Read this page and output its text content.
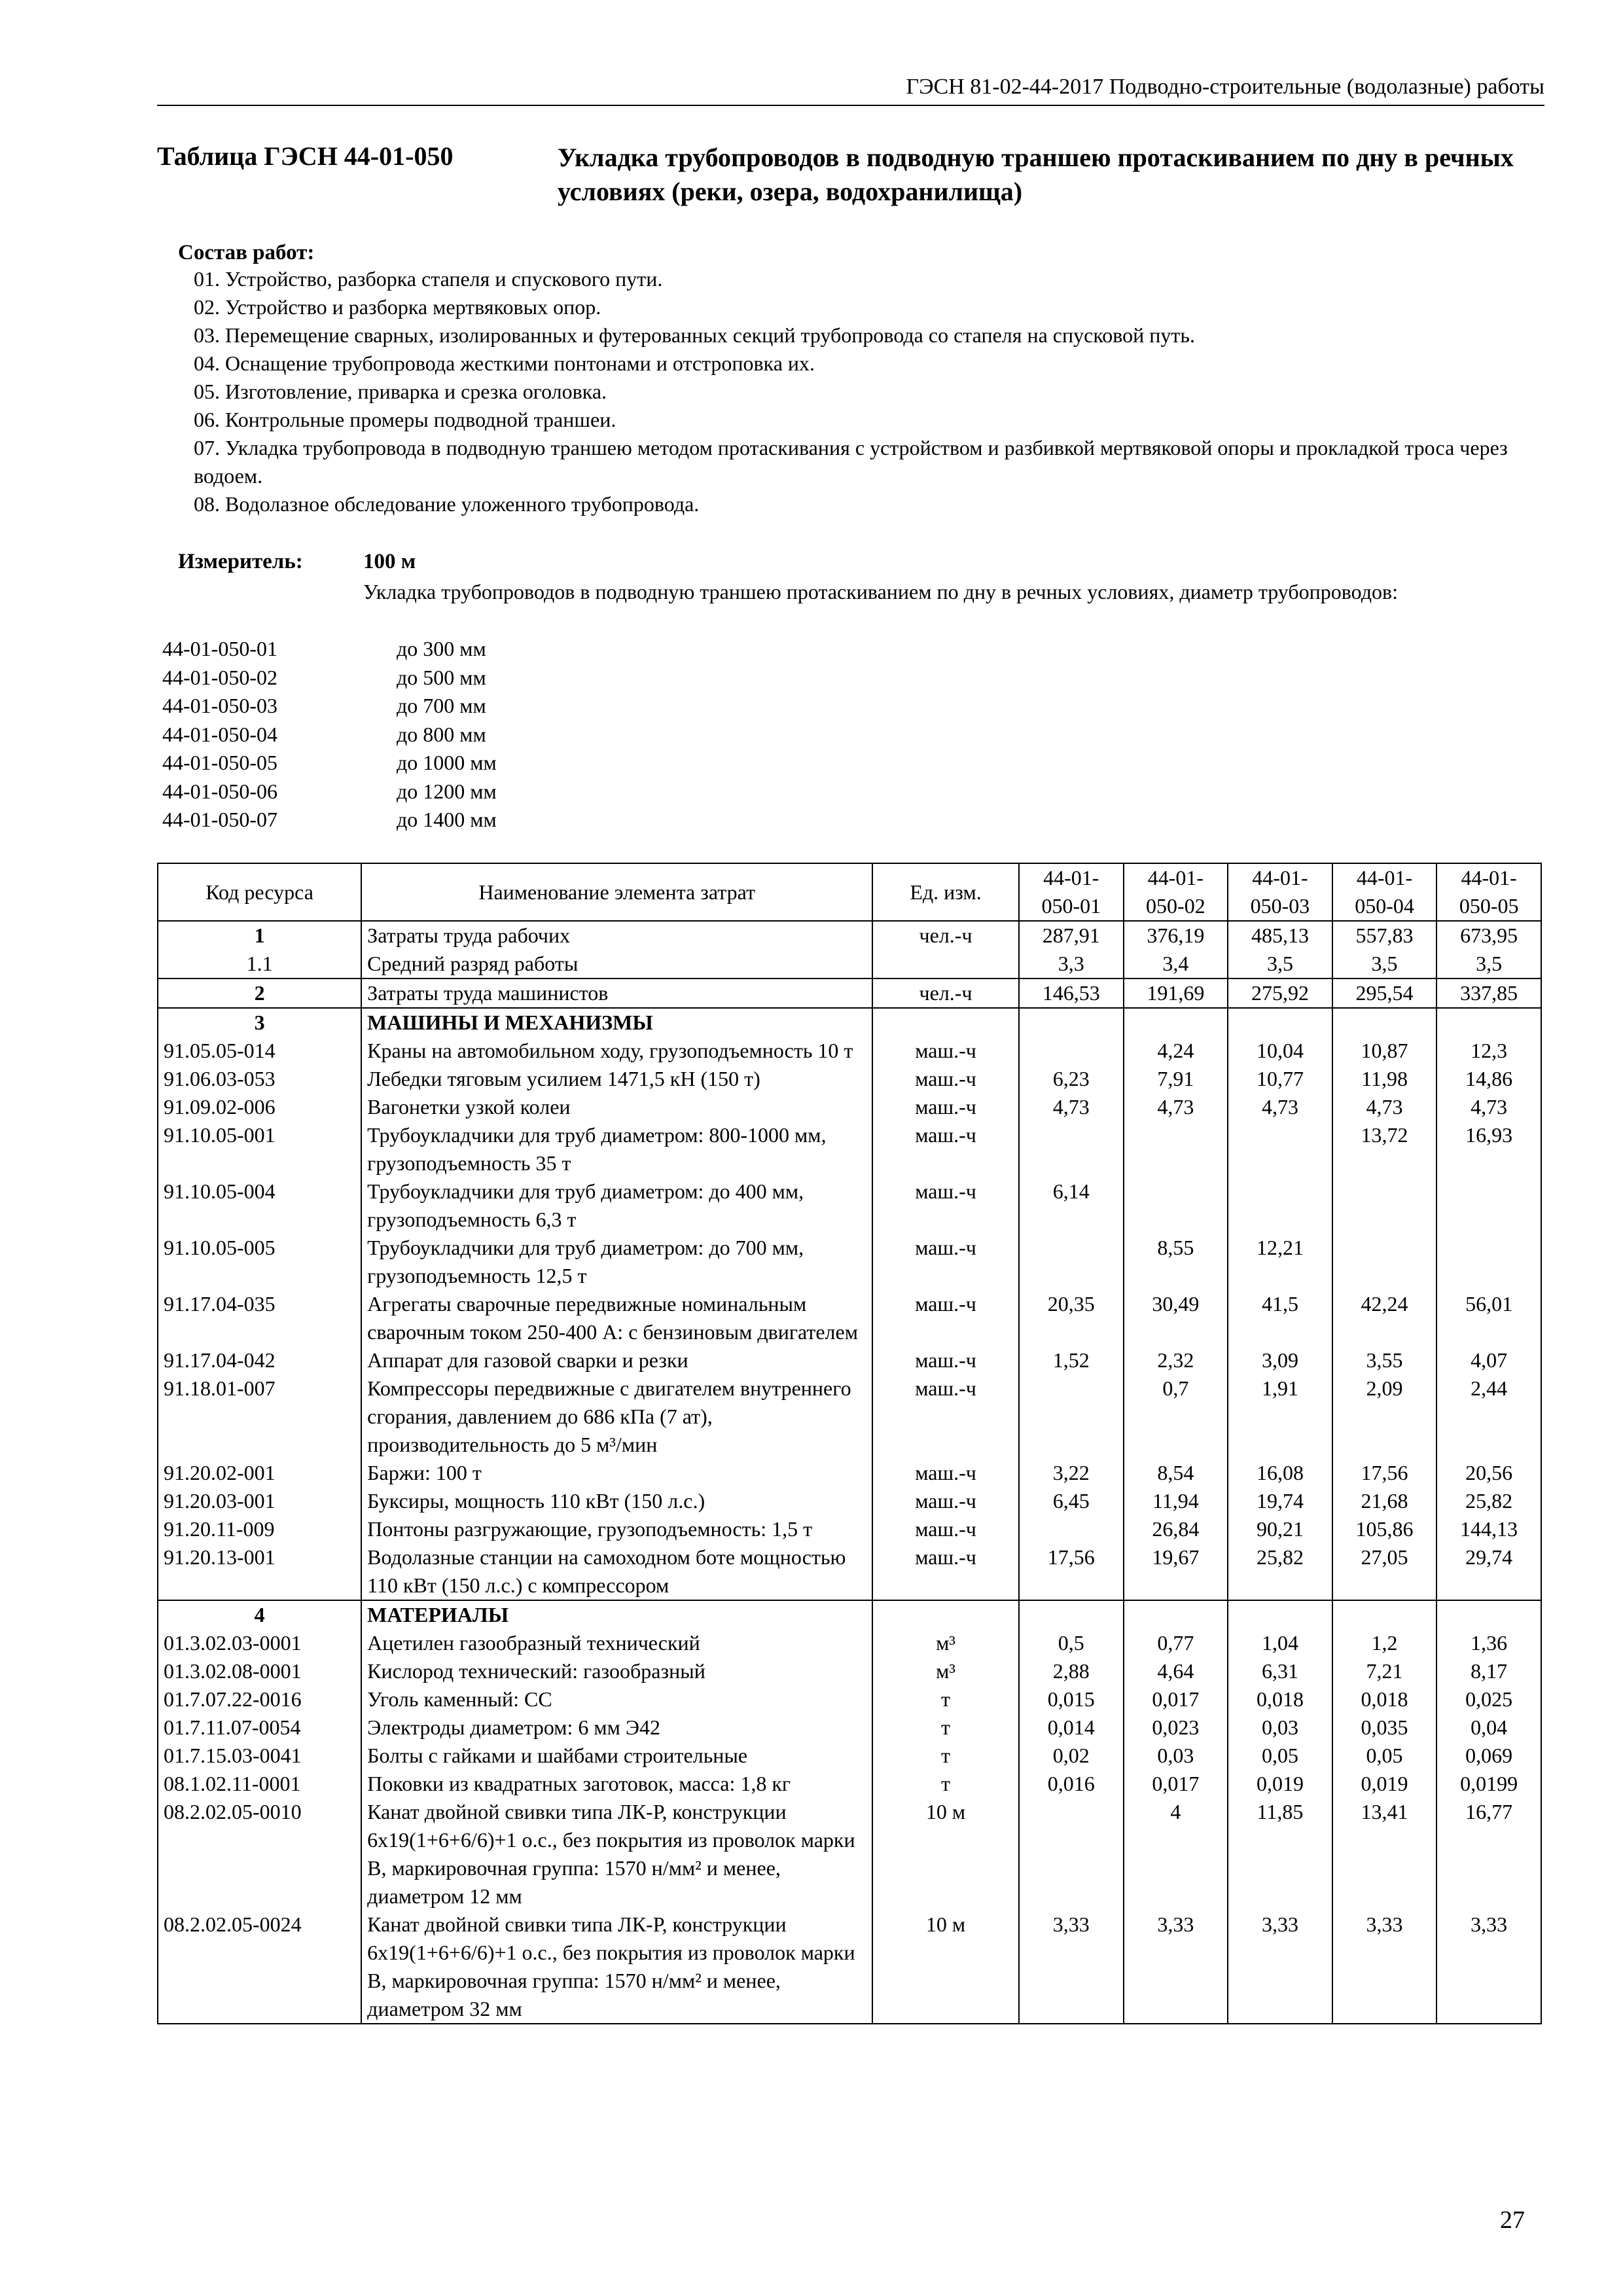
ГЭСН 81-02-44-2017 Подводно-строительные (водолазные) работы
Таблица ГЭСН 44-01-050	Укладка трубопроводов в подводную траншею протаскиванием по дну в речных условиях (реки, озера, водохранилища)
Состав работ:
01. Устройство, разборка стапеля и спускового пути.
02. Устройство и разборка мертвяковых опор.
03. Перемещение сварных, изолированных и футерованных секций трубопровода со стапеля на спусковой путь.
04. Оснащение трубопровода жесткими понтонами и отстроповка их.
05. Изготовление, приварка и срезка оголовка.
06. Контрольные промеры подводной траншеи.
07. Укладка трубопровода в подводную траншею методом протаскивания с устройством и разбивкой мертвяковой опоры и прокладкой троса через водоем.
08. Водолазное обследование уложенного трубопровода.
Измеритель:	100 м
Укладка трубопроводов в подводную траншею протаскиванием по дну в речных условиях, диаметр трубопроводов:
44-01-050-01	до 300 мм
44-01-050-02	до 500 мм
44-01-050-03	до 700 мм
44-01-050-04	до 800 мм
44-01-050-05	до 1000 мм
44-01-050-06	до 1200 мм
44-01-050-07	до 1400 мм
Код ресурса	Наименование элемента затрат	Ед. изм.	44-01-050-01	44-01-050-02	44-01-050-03	44-01-050-04	44-01-050-05
1	Затраты труда рабочих	чел.-ч	287,91	376,19	485,13	557,83	673,95
1.1	Средний разряд работы		3,3	3,4	3,5	3,5	3,5
2	Затраты труда машинистов	чел.-ч	146,53	191,69	275,92	295,54	337,85
3	МАШИНЫ И МЕХАНИЗМЫ						
91.05.05-014	Краны на автомобильном ходу, грузоподъемность 10 т	маш.-ч		4,24	10,04	10,87	12,3
91.06.03-053	Лебедки тяговым усилием 1471,5 кН (150 т)	маш.-ч	6,23	7,91	10,77	11,98	14,86
91.09.02-006	Вагонетки узкой колеи	маш.-ч	4,73	4,73	4,73	4,73	4,73
91.10.05-001	Трубоукладчики для труб диаметром: 800-1000 мм, грузоподъемность 35 т	маш.-ч				13,72	16,93
91.10.05-004	Трубоукладчики для труб диаметром: до 400 мм, грузоподъемность 6,3 т	маш.-ч	6,14				
91.10.05-005	Трубоукладчики для труб диаметром: до 700 мм, грузоподъемность 12,5 т	маш.-ч		8,55	12,21		
91.17.04-035	Агрегаты сварочные передвижные номинальным сварочным током 250-400 А: с бензиновым двигателем	маш.-ч	20,35	30,49	41,5	42,24	56,01
91.17.04-042	Аппарат для газовой сварки и резки	маш.-ч	1,52	2,32	3,09	3,55	4,07
91.18.01-007	Компрессоры передвижные с двигателем внутреннего сгорания, давлением до 686 кПа (7 ат), производительность до 5 м³/мин	маш.-ч		0,7	1,91	2,09	2,44
91.20.02-001	Баржи: 100 т	маш.-ч	3,22	8,54	16,08	17,56	20,56
91.20.03-001	Буксиры, мощность 110 кВт (150 л.с.)	маш.-ч	6,45	11,94	19,74	21,68	25,82
91.20.11-009	Понтоны разгружающие, грузоподъемность: 1,5 т	маш.-ч		26,84	90,21	105,86	144,13
91.20.13-001	Водолазные станции на самоходном боте мощностью 110 кВт (150 л.с.) с компрессором	маш.-ч	17,56	19,67	25,82	27,05	29,74
4	МАТЕРИАЛЫ						
01.3.02.03-0001	Ацетилен газообразный технический	м³	0,5	0,77	1,04	1,2	1,36
01.3.02.08-0001	Кислород технический: газообразный	м³	2,88	4,64	6,31	7,21	8,17
01.7.07.22-0016	Уголь каменный: СС	т	0,015	0,017	0,018	0,018	0,025
01.7.11.07-0054	Электроды диаметром: 6 мм Э42	т	0,014	0,023	0,03	0,035	0,04
01.7.15.03-0041	Болты с гайками и шайбами строительные	т	0,02	0,03	0,05	0,05	0,069
08.1.02.11-0001	Поковки из квадратных заготовок, масса: 1,8 кг	т	0,016	0,017	0,019	0,019	0,0199
08.2.02.05-0010	Канат двойной свивки типа ЛК-Р, конструкции 6х19(1+6+6/6)+1 о.с., без покрытия из проволок марки В, маркировочная группа: 1570 н/мм² и менее, диаметром 12 мм	10 м		4	11,85	13,41	16,77
08.2.02.05-0024	Канат двойной свивки типа ЛК-Р, конструкции 6х19(1+6+6/6)+1 о.с., без покрытия из проволок марки В, маркировочная группа: 1570 н/мм² и менее, диаметром 32 мм	10 м	3,33	3,33	3,33	3,33	3,33
27
